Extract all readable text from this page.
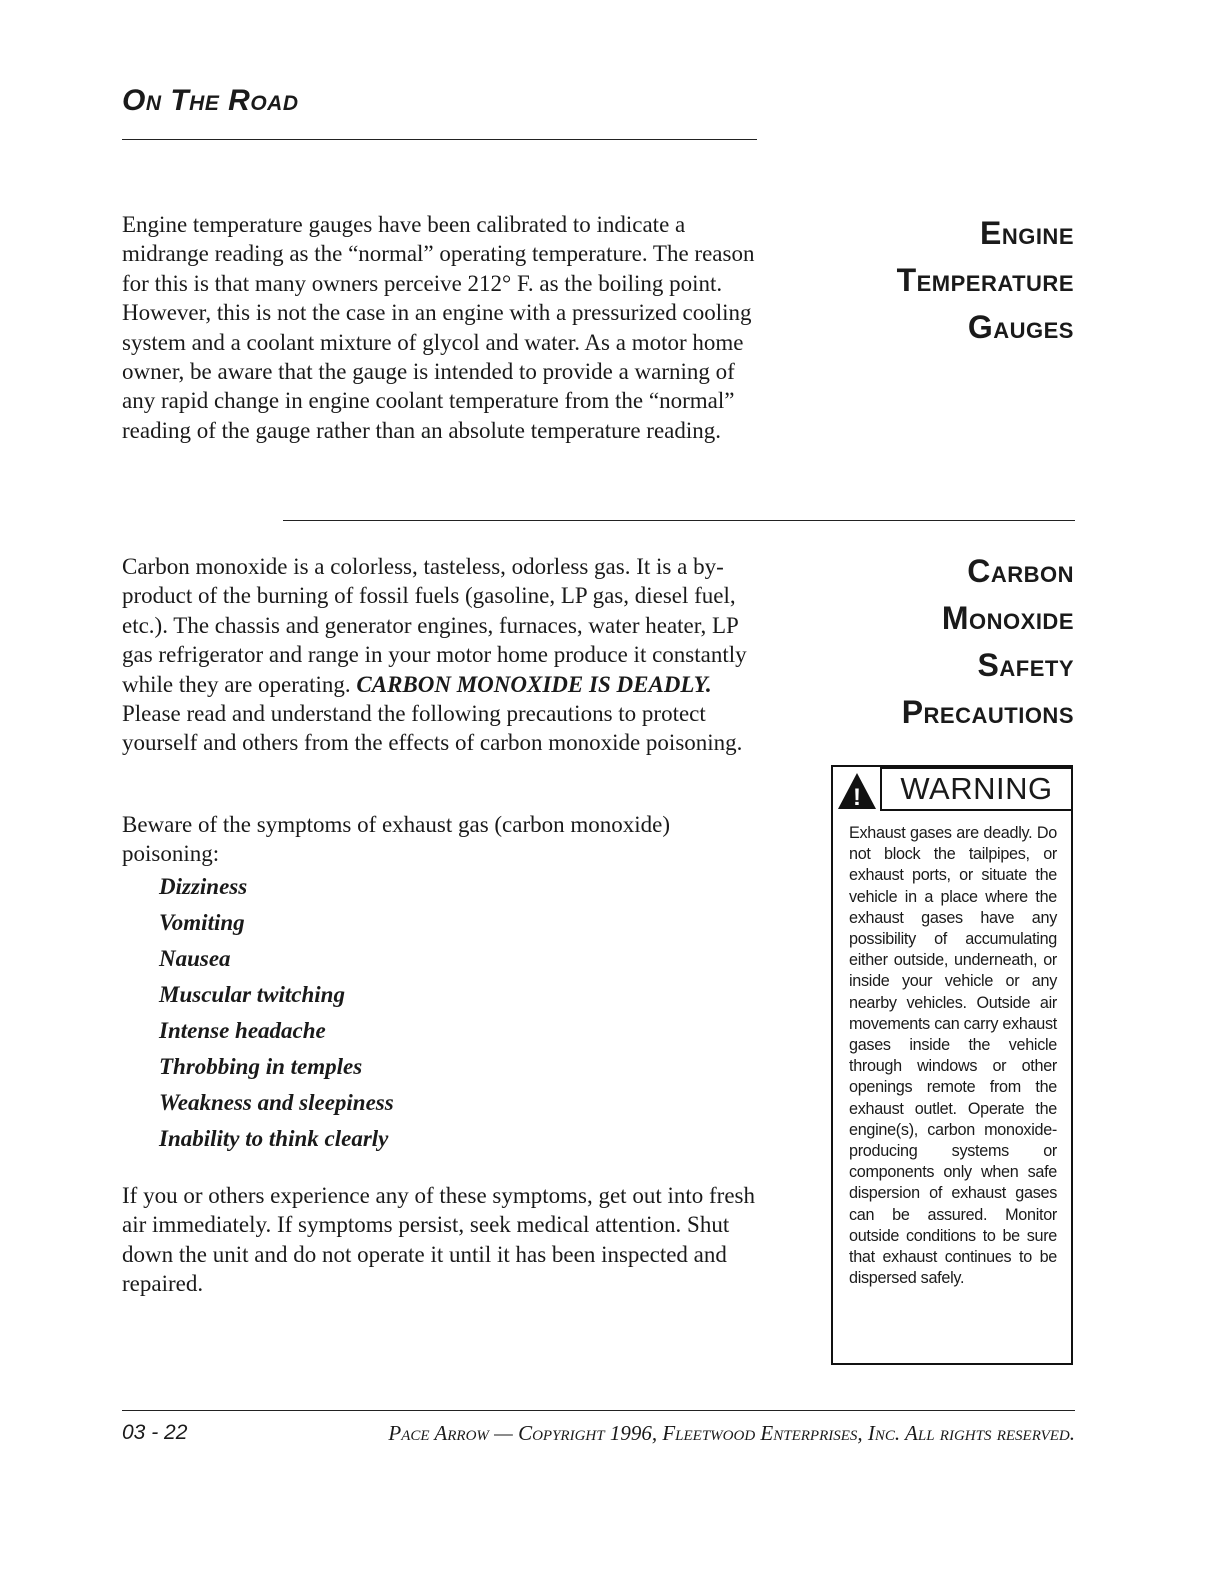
On The Road
Engine temperature gauges have been calibrated to indicate a midrange reading as the “normal” operating temperature. The reason for this is that many owners perceive 212° F. as the boiling point. However, this is not the case in an engine with a pressurized cooling system and a coolant mixture of glycol and water. As a motor home owner, be aware that the gauge is intended to provide a warning of any rapid change in engine coolant temperature from the “normal” reading of the gauge rather than an absolute temperature reading.
Engine
Temperature
Gauges
Carbon monoxide is a colorless, tasteless, odorless gas. It is a by-product of the burning of fossil fuels (gasoline, LP gas, diesel fuel, etc.). The chassis and generator engines, furnaces, water heater, LP gas refrigerator and range in your motor home produce it constantly while they are operating. CARBON MONOXIDE IS DEADLY. Please read and understand the following precautions to protect yourself and others from the effects of carbon monoxide poisoning.
Carbon
Monoxide
Safety
Precautions
Beware of the symptoms of exhaust gas (carbon monoxide) poisoning:
Dizziness
Vomiting
Nausea
Muscular twitching
Intense headache
Throbbing in temples
Weakness and sleepiness
Inability to think clearly
If you or others experience any of these symptoms, get out into fresh air immediately. If symptoms persist, seek medical attention. Shut down the unit and do not operate it until it has been inspected and repaired.
!	WARNING
Exhaust gases are deadly. Do not block the tailpipes, or exhaust ports, or situate the vehicle in a place where the exhaust gases have any possibility of accumulating either outside, underneath, or inside your vehicle or any nearby vehicles. Outside air movements can carry exhaust gases inside the vehicle through windows or other openings remote from the exhaust outlet. Operate the engine(s), carbon monoxide-producing systems or components only when safe dispersion of exhaust gases can be assured. Monitor outside conditions to be sure that exhaust continues to be dispersed safely.
03 - 22	Pace Arrow — Copyright 1996, Fleetwood Enterprises, Inc. All rights reserved.
